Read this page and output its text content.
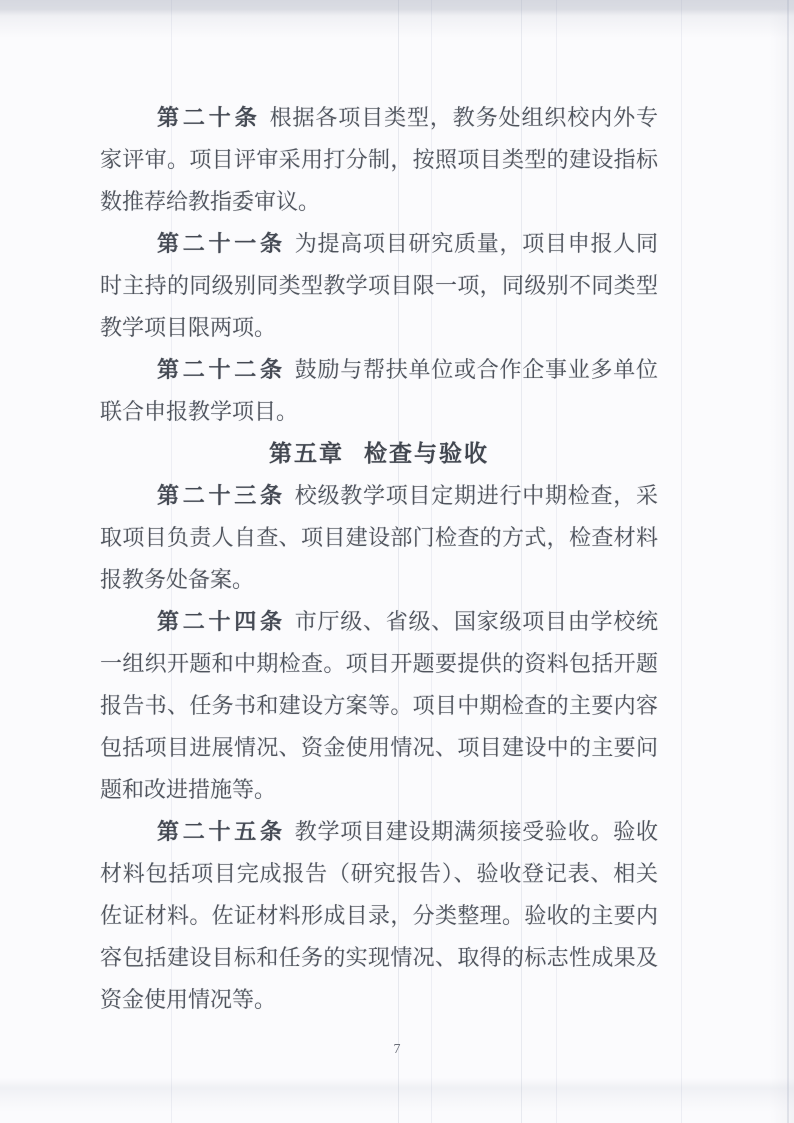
第二十条 根据各项目类型，教务处组织校内外专家评审。项目评审采用打分制，按照项目类型的建设指标数推荐给教指委审议。

第二十一条 为提高项目研究质量，项目申报人同时主持的同级别同类型教学项目限一项，同级别不同类型教学项目限两项。

第二十二条 鼓励与帮扶单位或合作企事业多单位联合申报教学项目。

第五章 检查与验收

第二十三条 校级教学项目定期进行中期检查，采取项目负责人自查、项目建设部门检查的方式，检查材料报教务处备案。

第二十四条 市厅级、省级、国家级项目由学校统一组织开题和中期检查。项目开题要提供的资料包括开题报告书、任务书和建设方案等。项目中期检查的主要内容包括项目进展情况、资金使用情况、项目建设中的主要问题和改进措施等。

第二十五条 教学项目建设期满须接受验收。验收材料包括项目完成报告（研究报告）、验收登记表、相关佐证材料。佐证材料形成目录，分类整理。验收的主要内容包括建设目标和任务的实现情况、取得的标志性成果及资金使用情况等。

7
